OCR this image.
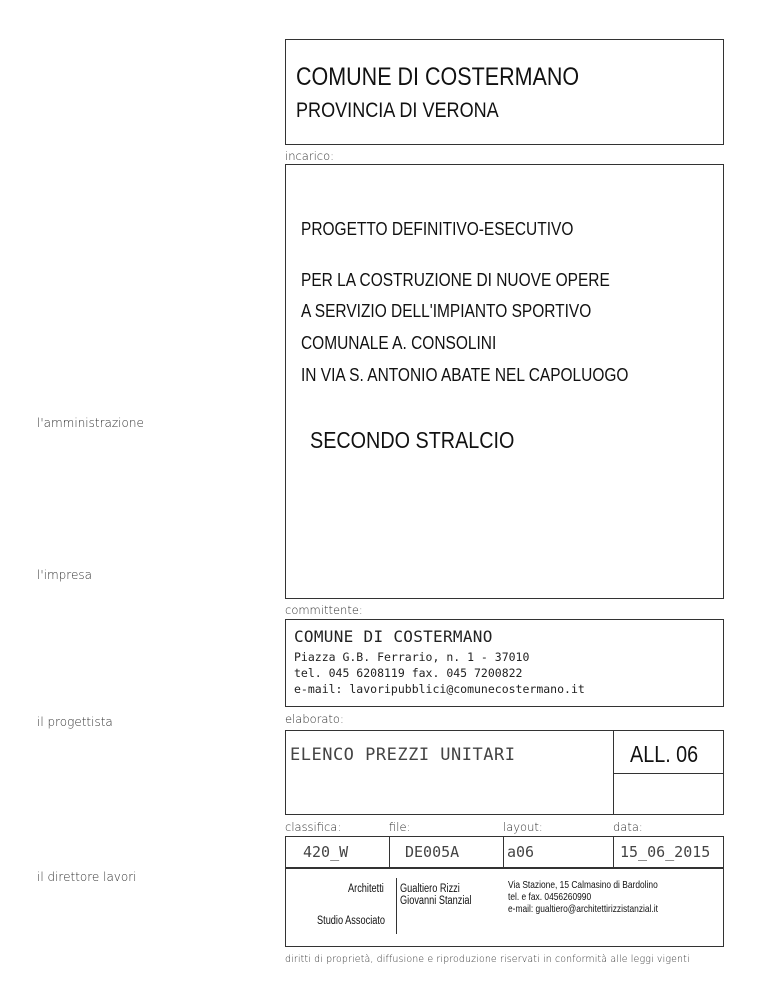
COMUNE DI COSTERMANO
PROVINCIA DI VERONA
incarico:
PROGETTO DEFINITIVO-ESECUTIVO
PER LA COSTRUZIONE DI NUOVE OPERE
A SERVIZIO DELL'IMPIANTO SPORTIVO
COMUNALE A. CONSOLINI
IN VIA S. ANTONIO ABATE NEL CAPOLUOGO
SECONDO STRALCIO
l'amministrazione
l'impresa
il progettista
il direttore lavori
committente:
COMUNE DI COSTERMANO
Piazza G.B. Ferrario, n. 1 - 37010
tel. 045 6208119 fax. 045 7200822
e-mail: lavoripubblici@comunecostermano.it
elaborato:
ELENCO PREZZI UNITARI	ALL. 06
classifica:	file:	layout:	data:
420_W	DE005A	a06	15_06_2015
Architetti
Studio Associato
Gualtiero Rizzi
Giovanni Stanzial
Via Stazione, 15 Calmasino di Bardolino
tel. e fax. 0456260990
e-mail: gualtiero@architettirizzistanzial.it
diritti di proprietà, diffusione e riproduzione riservati in conformità alle leggi vigenti
